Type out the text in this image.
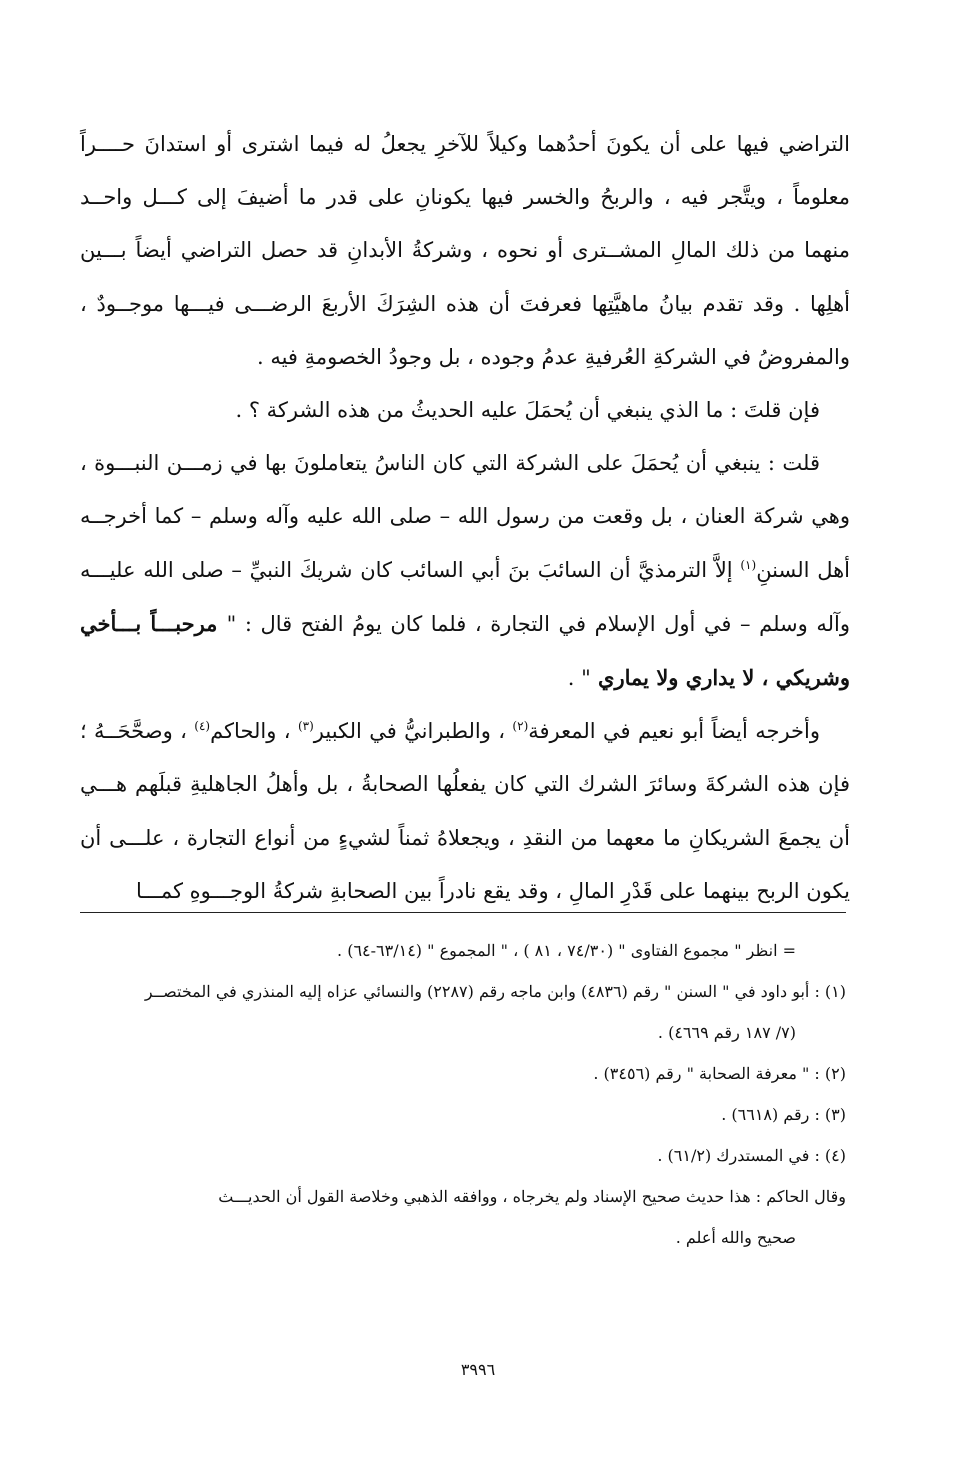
التراضي فيها على أن يكونَ أحدُهما وكيلاً للآخرِ يجعلُ له فيما اشترى أو استدانَ حــــراً معلوماً ، ويتَّجر فيه ، والربحُ والخسر فيها يكونانِ على قدر ما أضيفَ إلى كـــل واحــد منهما من ذلك المالِ المشــترى أو نحوه ، وشركةُ الأبدانِ قد حصل التراضي أيضاً بـــين أهلِها . وقد تقدم بيانُ ماهيَّتِها فعرفتَ أن هذه الشِرَكَ الأربعَ الرضـــى فيـــها موجــودٌ ، والمفروضُ في الشركةِ العُرفيةِ عدمُ وجوده ، بل وجودُ الخصومةِ فيه .

فإن قلتَ : ما الذي ينبغي أن يُحمَلَ عليه الحديثُ من هذه الشركة ؟ .

قلت : ينبغي أن يُحمَلَ على الشركة التي كان الناسُ يتعاملونَ بها في زمـــن النبـــوة ، وهي شركة العنان ، بل وقعت من رسول الله – صلى الله عليه وآله وسلم – كما أخرجــه أهل السننِ$^{(١)}$ إلاَّ الترمذيَّ أن السائبَ بنَ أبي السائب كان شريكَ النبيِّ – صلى الله عليـــه وآله وسلم – في أول الإسلام في التجارة ، فلما كان يومُ الفتح قال : " مرحبـــاً بـــأخي وشريكي ، لا يداري ولا يماري " .

وأخرجه أيضاً أبو نعيم في المعرفة$^{(٢)}$ ، والطبرانيُّ في الكبير$^{(٣)}$ ، والحاكم$^{(٤)}$ ، وصحَّحَــهُ ؛ فإن هذه الشركةَ وسائرَ الشرك التي كان يفعلُها الصحابةُ ، بل وأهلُ الجاهليةِ قبلَهم هـــي أن يجمعَ الشريكانِ ما معهما من النقدِ ، ويجعلاهُ ثمناً لشيءٍ من أنواع التجارة ، علـــى أن يكون الربح بينهما على قَدْرِ المالِ ، وقد يقع نادراً بين الصحابةِ شركةُ الوجـــوهِ كمـــا

= انظر " مجموع الفتاوى " (٧٤/٣٠ ، ٨١ ) ، " المجموع " (٦٣/١٤-٦٤) .

(١) : أبو داود في " السنن " رقم (٤٨٣٦) وابن ماجه رقم (٢٢٨٧) والنسائي عزاه إليه المنذري في المختصــر

(٧/ ١٨٧ رقم ٤٦٦٩) .

(٢) : " معرفة الصحابة " رقم (٣٤٥٦) .

(٣) : رقم (٦٦١٨) .

(٤) : في المستدرك (٦١/٢) .

وقال الحاكم : هذا حديث صحيح الإسناد ولم يخرجاه ، ووافقه الذهبي وخلاصة القول أن الحديـــث

صحيح والله أعلم .

٣٩٩٦
